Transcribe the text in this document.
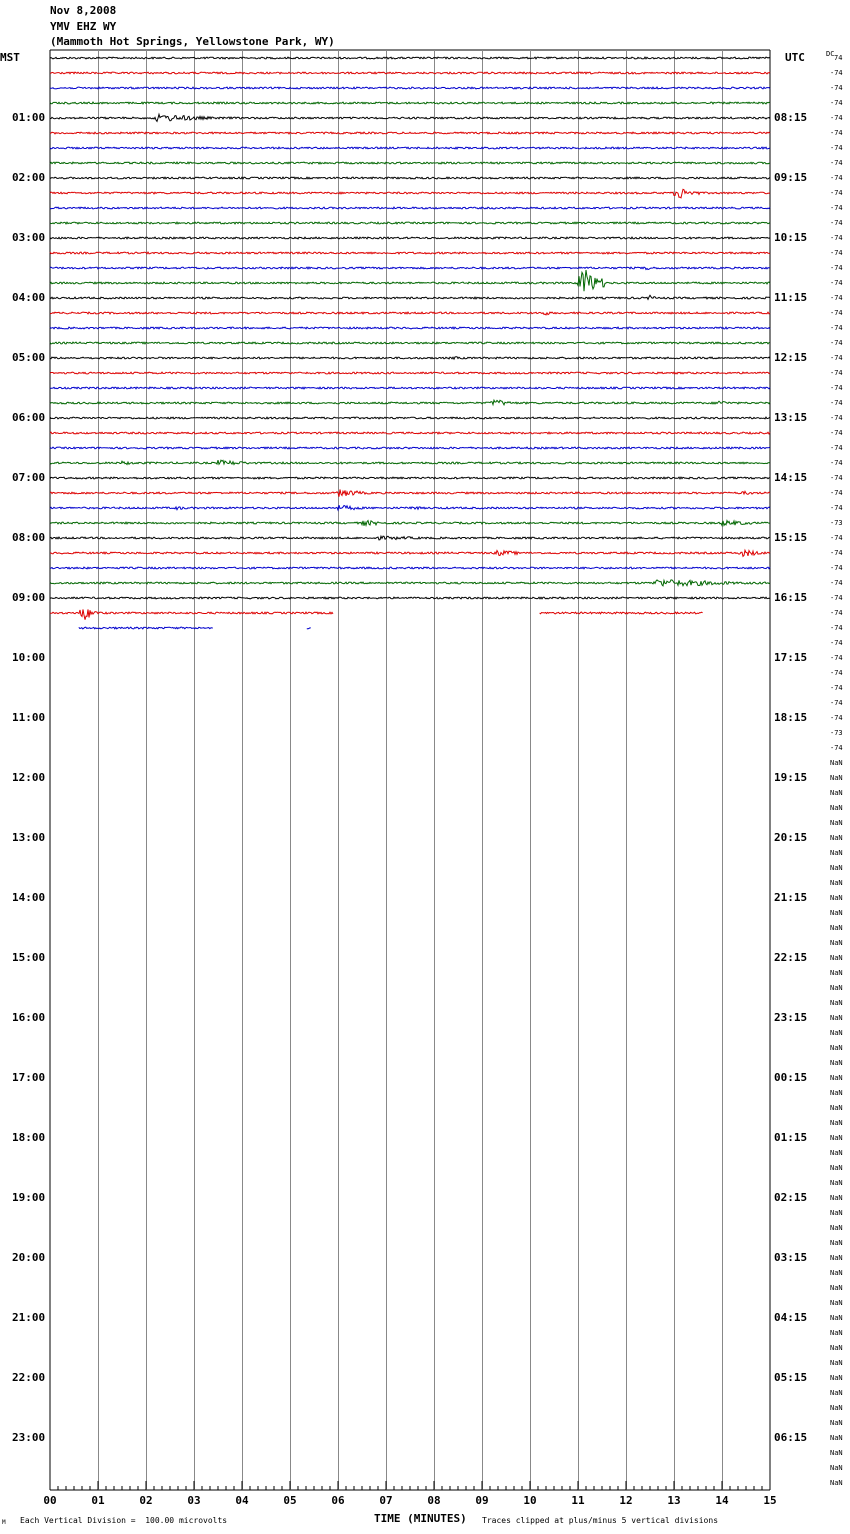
Nov 8,2008
YMV EHZ WY
(Mammoth Hot Springs, Yellowstone Park, WY)
MST	UTC	DC
00	01	02	03	04	05	06	07	08	09	10	11	12	13	14	15
01:00
02:00
03:00
04:00
05:00
06:00
07:00
08:00
09:00
10:00
11:00
12:00
13:00
14:00
15:00
16:00
17:00
18:00
19:00
20:00
21:00
22:00
23:00
08:15
09:15
10:15
11:15
12:15
13:15
14:15
15:15
16:15
17:15
18:15
19:15
20:15
21:15
22:15
23:15
00:15
01:15
02:15
03:15
04:15
05:15
06:15
74
-74
-74
-74
-74
-74
-74
-74
-74
-74
-74
-74
-74
-74
-74
-74
-74
-74
-74
-74
-74
-74
-74
-74
-74
-74
-74
-74
-74
-74
-74
-73
-74
-74
-74
-74
-74
-74
-74
-74
-74
-74
-74
-74
-74
-73
-74
NaN
NaN
NaN
NaN
NaN
NaN
NaN
NaN
NaN
NaN
NaN
NaN
NaN
NaN
NaN
NaN
NaN
NaN
NaN
NaN
NaN
NaN
NaN
NaN
NaN
NaN
NaN
NaN
NaN
NaN
NaN
NaN
NaN
NaN
NaN
NaN
NaN
NaN
NaN
NaN
NaN
NaN
NaN
NaN
NaN
NaN
NaN
NaN
NaN
M Each Vertical Division =  100.00 microvolts	TIME (MINUTES) Traces clipped at plus/minus 5 vertical divisions
